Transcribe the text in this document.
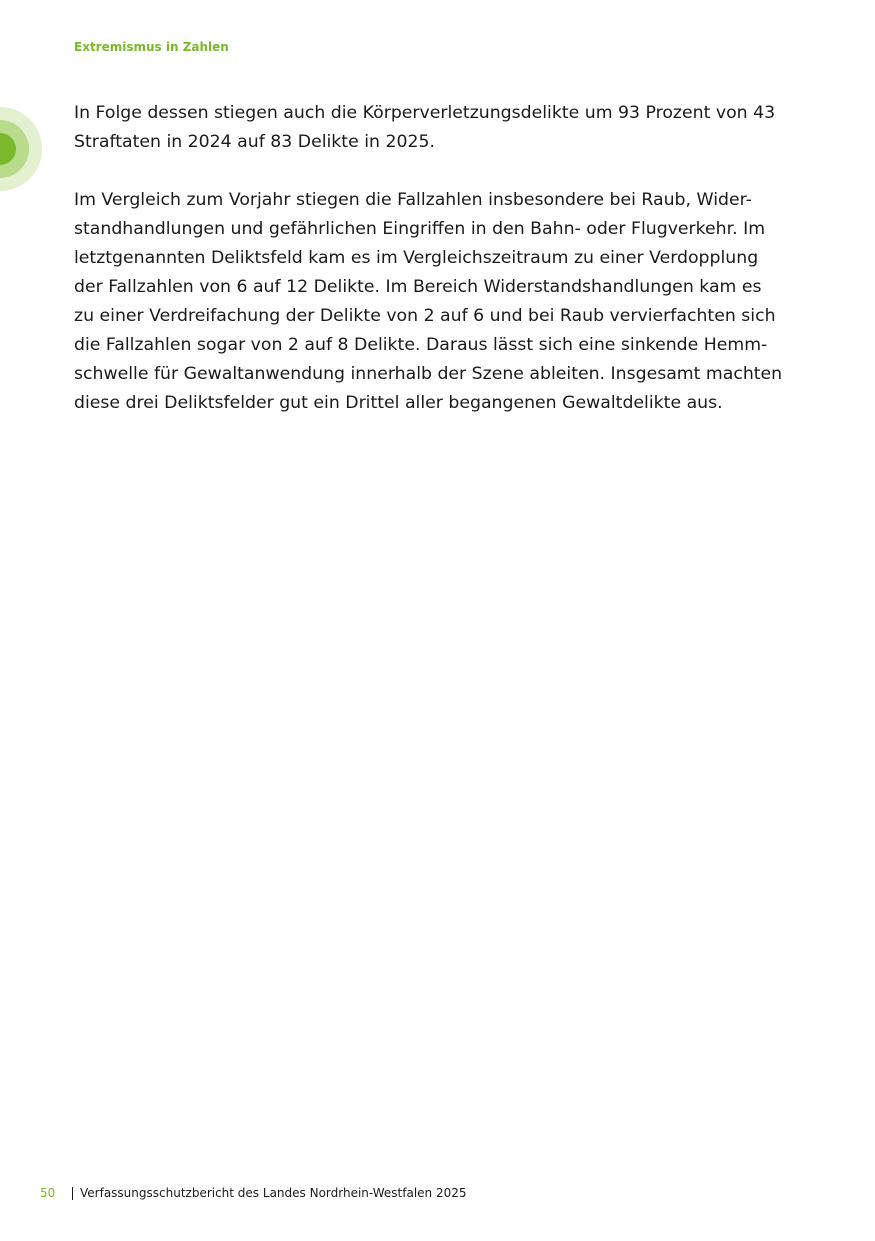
Extremismus in Zahlen

In Folge dessen stiegen auch die Körperverletzungsdelikte um 93 Prozent von 43
Straftaten in 2024 auf 83 Delikte in 2025.

Im Vergleich zum Vorjahr stiegen die Fallzahlen insbesondere bei Raub, Wider-
standhandlungen und gefährlichen Eingriffen in den Bahn- oder Flugverkehr. Im
letztgenannten Deliktsfeld kam es im Vergleichszeitraum zu einer Verdopplung
der Fallzahlen von 6 auf 12 Delikte. Im Bereich Widerstandshandlungen kam es
zu einer Verdreifachung der Delikte von 2 auf 6 und bei Raub vervierfachten sich
die Fallzahlen sogar von 2 auf 8 Delikte. Daraus lässt sich eine sinkende Hemm-
schwelle für Gewaltanwendung innerhalb der Szene ableiten. Insgesamt machten
diese drei Deliktsfelder gut ein Drittel aller begangenen Gewaltdelikte aus.

50	Verfassungsschutzbericht des Landes Nordrhein-Westfalen 2025
